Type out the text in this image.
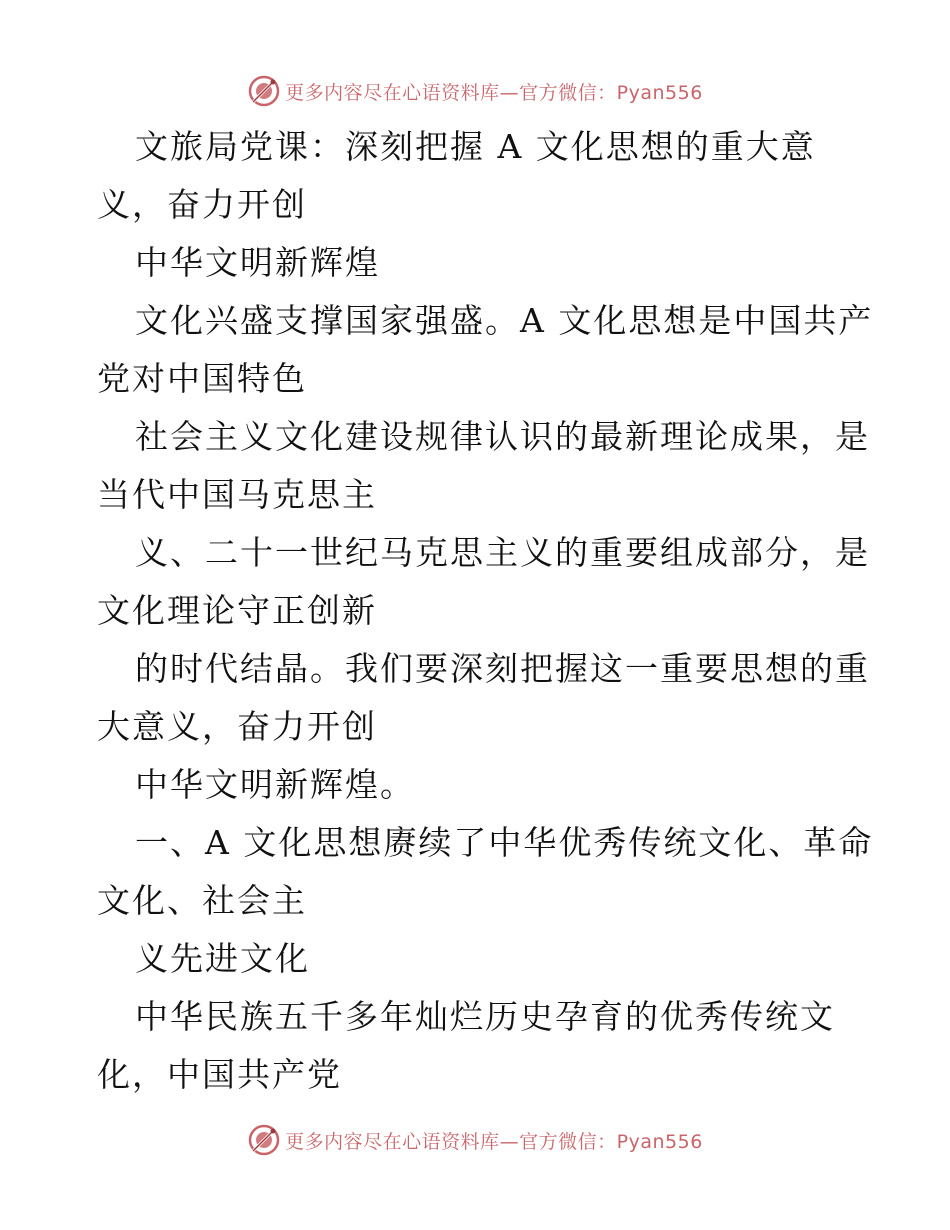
更多内容尽在心语资料库—官方微信：Pyan556
文旅局党课：深刻把握 A 文化思想的重大意
义，奋力开创
中华文明新辉煌
文化兴盛支撑国家强盛。A 文化思想是中国共产
党对中国特色
社会主义文化建设规律认识的最新理论成果，是
当代中国马克思主
义、二十一世纪马克思主义的重要组成部分，是
文化理论守正创新
的时代结晶。我们要深刻把握这一重要思想的重
大意义，奋力开创
中华文明新辉煌。
一、A 文化思想赓续了中华优秀传统文化、革命
文化、社会主
义先进文化
中华民族五千多年灿烂历史孕育的优秀传统文
化，中国共产党
更多内容尽在心语资料库—官方微信：Pyan556
